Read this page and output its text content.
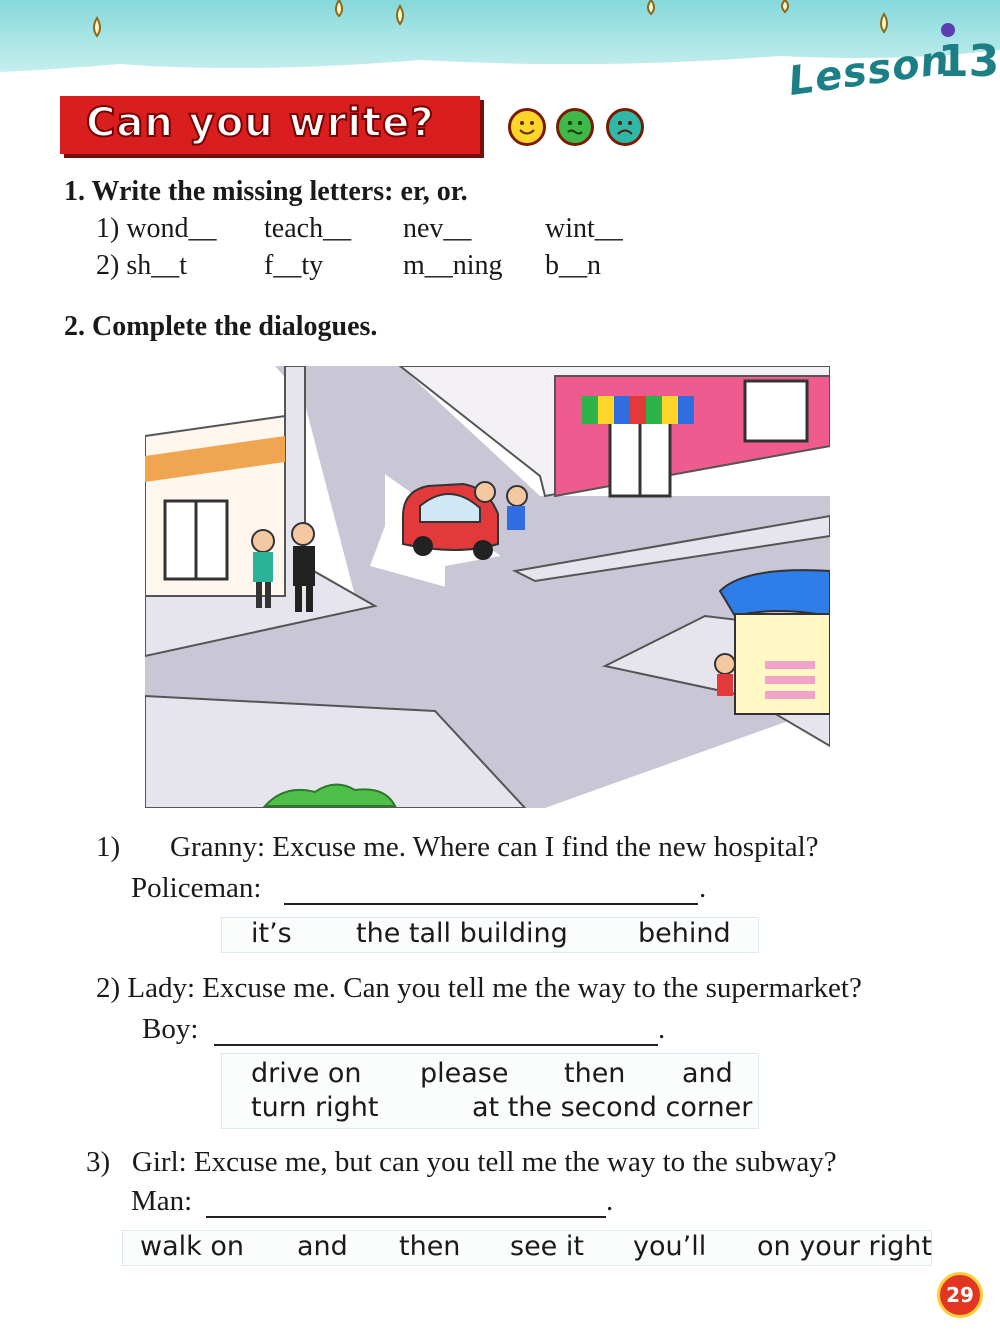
Lesson
13
Can you write?
1. Write the missing letters: er, or.
1) wond__ teach__ nev__	wint__
2) sh__t	f__ty	m__ning b__n
2. Complete the dialogues.
1) Granny: Excuse me. Where can I find the new hospital?
Policeman:	.
it’s the tall building	behind
2) Lady: Excuse me. Can you tell me the way to the supermarket?
Boy:	.
drive on please then and
turn right	at the second corner
3)   Girl: Excuse me, but can you tell me the way to the subway?
Man:	.
walk on and then see it you’ll on your right
29
